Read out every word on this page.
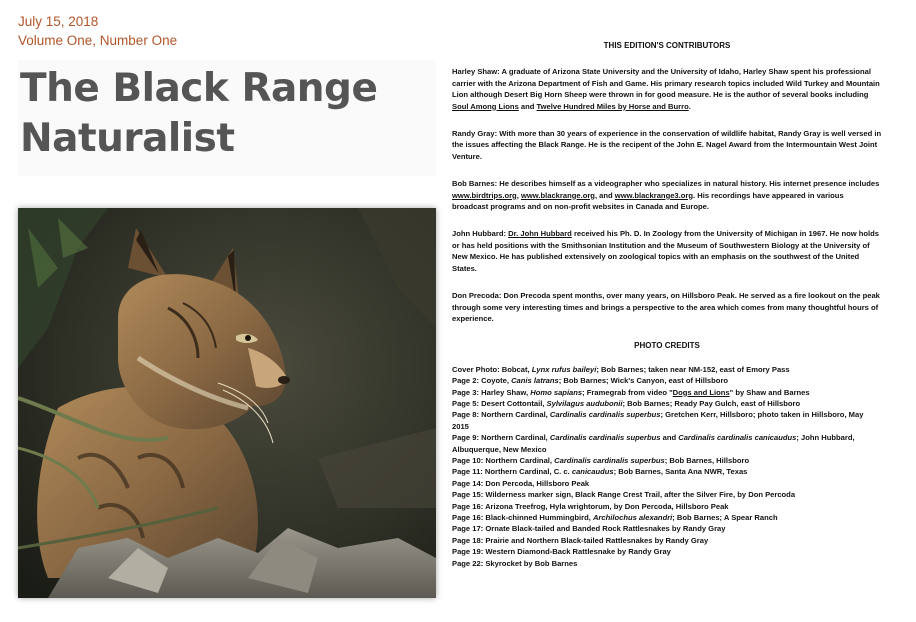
July 15, 2018
Volume One, Number One
The Black Range
Naturalist
THIS EDITION'S CONTRIBUTORS

Harley Shaw: A graduate of Arizona State University and the University of Idaho, Harley Shaw spent his professional carrier with the Arizona Department of Fish and Game. His primary research topics included Wild Turkey and Mountain Lion although Desert Big Horn Sheep were thrown in for good measure. He is the author of several books including Soul Among Lions and Twelve Hundred Miles by Horse and Burro.

Randy Gray: With more than 30 years of experience in the conservation of wildlife habitat, Randy Gray is well versed in the issues affecting the Black Range. He is the recipent of the John E. Nagel Award from the Intermountain West Joint Venture.

Bob Barnes: He describes himself as a videographer who specializes in natural history. His internet presence includes www.birdtrips.org, www.blackrange.org, and www.blackrange3.org. His recordings have appeared in various broadcast programs and on non-profit websites in Canada and Europe.

John Hubbard: Dr. John Hubbard received his Ph. D. In Zoology from the University of Michigan in 1967. He now holds or has held positions with the Smithsonian Institution and the Museum of Southwestern Biology at the University of New Mexico. He has published extensively on zoological topics with an emphasis on the southwest of the United States.

Don Precoda: Don Precoda spent months, over many years, on Hillsboro Peak. He served as a fire lookout on the peak through some very interesting times and brings a perspective to the area which comes from many thoughtful hours of experience.

PHOTO CREDITS

Cover Photo: Bobcat, Lynx rufus baileyi; Bob Barnes; taken near NM-152, east of Emory Pass

Page 2: Coyote, Canis latrans; Bob Barnes; Wick's Canyon, east of Hillsboro

Page 3: Harley Shaw, Homo sapians; Framegrab from video "Dogs and Lions" by Shaw and Barnes

Page 5: Desert Cottontail, Sylvilagus audubonii; Bob Barnes; Ready Pay Gulch, east of Hillsboro

Page 8: Northern Cardinal, Cardinalis cardinalis superbus; Gretchen Kerr, Hillsboro; photo taken in Hillsboro, May 2015

Page 9: Northern Cardinal, Cardinalis cardinalis superbus and Cardinalis cardinalis canicaudus; John Hubbard, Albuquerque, New Mexico

Page 10: Northern Cardinal, Cardinalis cardinalis superbus; Bob Barnes, Hillsboro

Page 11: Northern Cardinal, C. c. canicaudus; Bob Barnes, Santa Ana NWR, Texas

Page 14: Don Percoda, Hillsboro Peak

Page 15: Wilderness marker sign, Black Range Crest Trail, after the Silver Fire, by Don Percoda

Page 16: Arizona Treefrog, Hyla wrightorum, by Don Percoda, Hillsboro Peak

Page 16: Black-chinned Hummingbird, Archilochus alexandri; Bob Barnes; A Spear Ranch

Page 17: Ornate Black-tailed and Banded Rock Rattlesnakes by Randy Gray

Page 18: Prairie and Northern Black-tailed Rattlesnakes by Randy Gray

Page 19: Western Diamond-Back Rattlesnake by Randy Gray

Page 22: Skyrocket by Bob Barnes
